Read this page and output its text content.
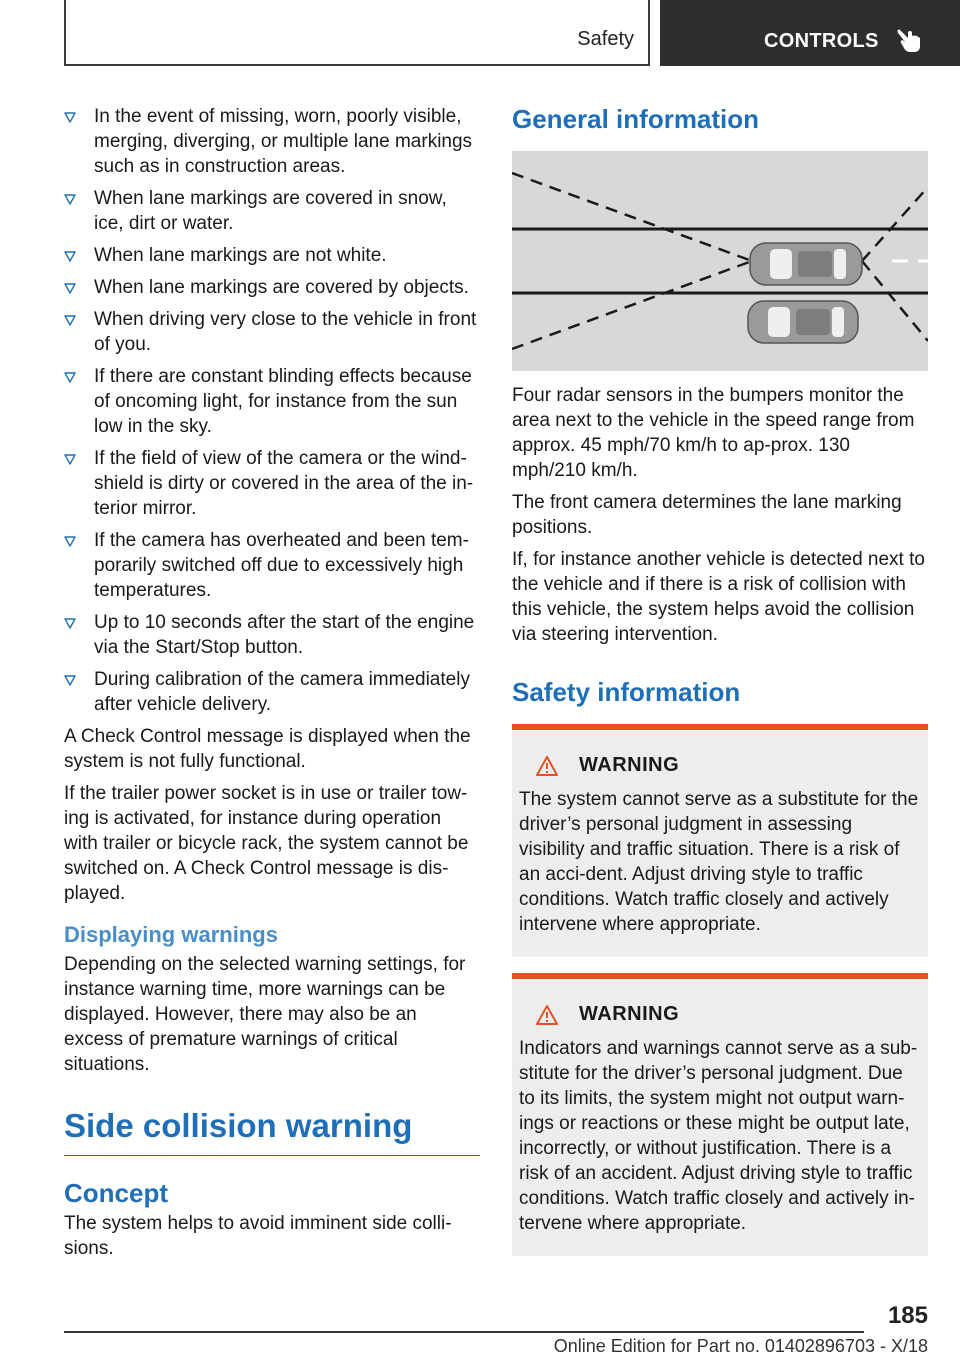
Safety	CONTROLS
In the event of missing, worn, poorly visible, merging, diverging, or multiple lane markings such as in construction areas.
When lane markings are covered in snow, ice, dirt or water.
When lane markings are not white.
When lane markings are covered by objects.
When driving very close to the vehicle in front of you.
If there are constant blinding effects because of oncoming light, for instance from the sun low in the sky.
If the field of view of the camera or the wind-shield is dirty or covered in the area of the in-terior mirror.
If the camera has overheated and been tem-porarily switched off due to excessively high temperatures.
Up to 10 seconds after the start of the engine via the Start/Stop button.
During calibration of the camera immediately after vehicle delivery.

A Check Control message is displayed when the system is not fully functional.

If the trailer power socket is in use or trailer tow-ing is activated, for instance during operation with trailer or bicycle rack, the system cannot be switched on. A Check Control message is dis-played.

Displaying warnings

Depending on the selected warning settings, for instance warning time, more warnings can be displayed. However, there may also be an excess of premature warnings of critical situations.

Side collision warning
Concept

The system helps to avoid imminent side colli-sions.

General information

Four radar sensors in the bumpers monitor the area next to the vehicle in the speed range from approx. 45 mph/70 km/h to ap-prox. 130 mph/210 km/h.

The front camera determines the lane marking positions.

If, for instance another vehicle is detected next to the vehicle and if there is a risk of collision with this vehicle, the system helps avoid the collision via steering intervention.

Safety information
WARNING
The system cannot serve as a substitute for the driver’s personal judgment in assessing visibility and traffic situation. There is a risk of an acci-dent. Adjust driving style to traffic conditions. Watch traffic closely and actively intervene where appropriate.
WARNING
Indicators and warnings cannot serve as a sub-stitute for the driver’s personal judgment. Due to its limits, the system might not output warn-ings or reactions or these might be output late, incorrectly, or without justification. There is a risk of an accident. Adjust driving style to traffic conditions. Watch traffic closely and actively in-tervene where appropriate.
185
Online Edition for Part no. 01402896703 - X/18
